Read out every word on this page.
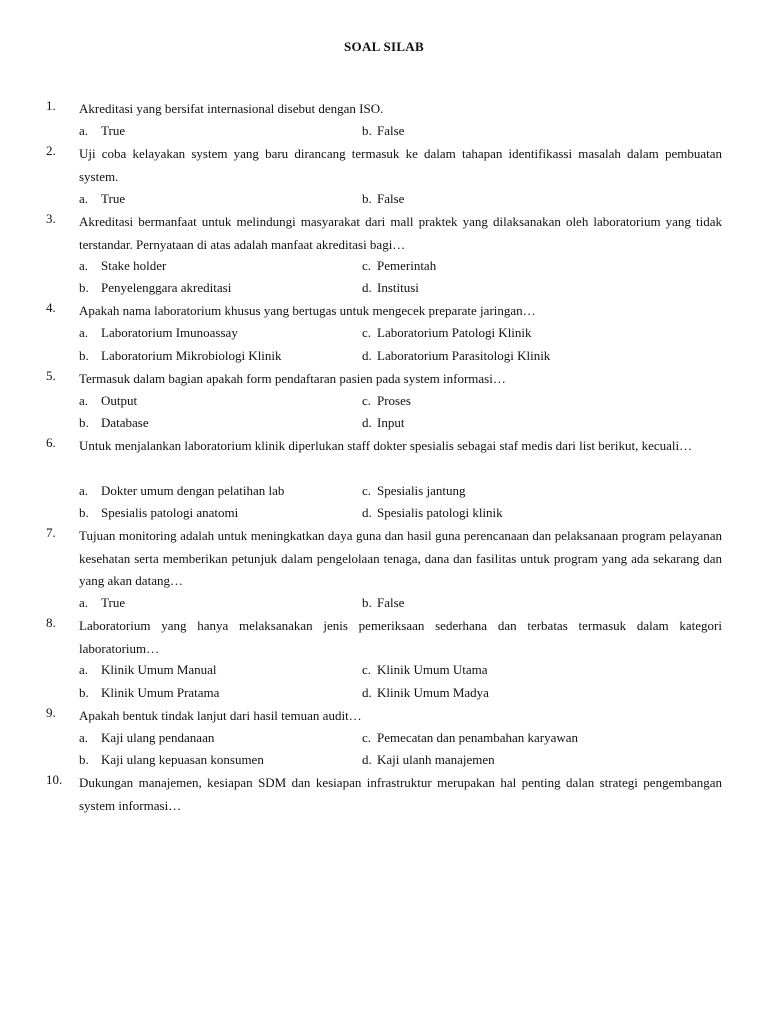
SOAL SILAB
1. Akreditasi yang bersifat internasional disebut dengan ISO.
a. True	b. False
2. Uji coba kelayakan system yang baru dirancang termasuk ke dalam tahapan identifikassi masalah dalam pembuatan system.
a. True	b. False
3. Akreditasi bermanfaat untuk melindungi masyarakat dari mall praktek yang dilaksanakan oleh laboratorium yang tidak terstandar. Pernyataan di atas adalah manfaat akreditasi bagi…
a. Stake holder	c. Pemerintah
b. Penyelenggara akreditasi	d. Institusi
4. Apakah nama laboratorium khusus yang bertugas untuk mengecek preparate jaringan…
a. Laboratorium Imunoassay	c. Laboratorium Patologi Klinik
b. Laboratorium Mikrobiologi Klinik	d. Laboratorium Parasitologi Klinik
5. Termasuk dalam bagian apakah form pendaftaran pasien pada system informasi…
a. Output	c. Proses
b. Database	d. Input
6. Untuk menjalankan laboratorium klinik diperlukan staff dokter spesialis sebagai staf medis dari list berikut, kecuali…
a. Dokter umum dengan pelatihan lab	c. Spesialis jantung
b. Spesialis patologi anatomi	d. Spesialis patologi klinik
7. Tujuan monitoring adalah untuk meningkatkan daya guna dan hasil guna perencanaan dan pelaksanaan program pelayanan kesehatan serta memberikan petunjuk dalam pengelolaan tenaga, dana dan fasilitas untuk program yang ada sekarang dan yang akan datang…
a. True	b. False
8. Laboratorium yang hanya melaksanakan jenis pemeriksaan sederhana dan terbatas termasuk dalam kategori laboratorium…
a. Klinik Umum Manual	c. Klinik Umum Utama
b. Klinik Umum Pratama	d. Klinik Umum Madya
9. Apakah bentuk tindak lanjut dari hasil temuan audit…
a. Kaji ulang pendanaan	c. Pemecatan dan penambahan karyawan
b. Kaji ulang kepuasan konsumen	d. Kaji ulanh manajemen
10. Dukungan manajemen, kesiapan SDM dan kesiapan infrastruktur merupakan hal penting dalan strategi pengembangan system informasi…
